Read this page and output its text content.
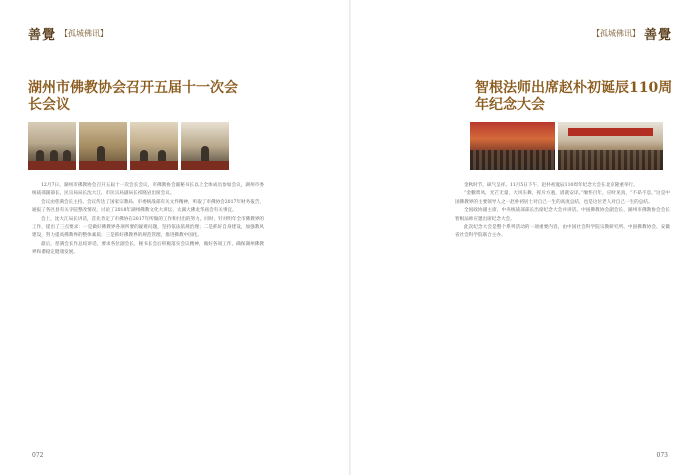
善覺 【孤城佛讯】
湖州市佛教协会召开五届十一次会长会议

12月7日，湖州市佛教协会召开五届十一次会长会议，市佛教协会副秘书长以上全体成员参加会议，湖州市委统战部副部长、民宗局局长沈大江、市民宗局副局长祁晓岩出席会议。

会议由慈满会长主持。会议传达了国家宗教局、市委统战部有关文件精神，听取了市佛协会2017年财务报告，通报了各区县有关寺院整改情况，讨论了2018年湖州佛教文化大讲坛、太湖大佛龙华庙会有关事宜。

会上，沈大江局长讲话，首先肯定了市佛协在2017年所做的工作和付出的努力。同时，针对明年全市佛教界的工作，提出了三点要求：一是做好佛教界各项所要的疑难问题，坚持依法依规治理；二是抓好自身建设，加强教风建设，努力提高佛教界的整体素质；三是抓好佛教界的规范管理，推进佛教中国化。

最后，慈满会长作总结讲话，要求各位副会长、秘书长会后积极落实会议精神，做好各项工作，确保湖州佛教界和谐稳定健康发展。

072
【孤城佛讯】 善覺
智根法师出席赵朴初诞辰110周年纪念大会

金秋时节，硕气呈祥。11月5日下午，赵朴初诞辰110周年纪念大会在北京隆重举行。

“金鹏鸾凤，光芒无量，大风车舞，挥斥方遒，谱就安详。”缅怀百年，应时见真，“不昂不息，”这是中国佛教界的主要领导人之一赵朴初居士对自己一生的高度总结，也是这位老人对自己一生的总结。

全国政协副主席、中央统战部部长出席纪念大会并讲话。中国佛教协会副会长、湖州市佛教协会会长智根法师应邀出席纪念大会。

此次纪念大会是整个系列活动的一项重要内容，由中国社会科学院宗教研究所、中国佛教协会、安徽省社会科学院联合主办。

073
